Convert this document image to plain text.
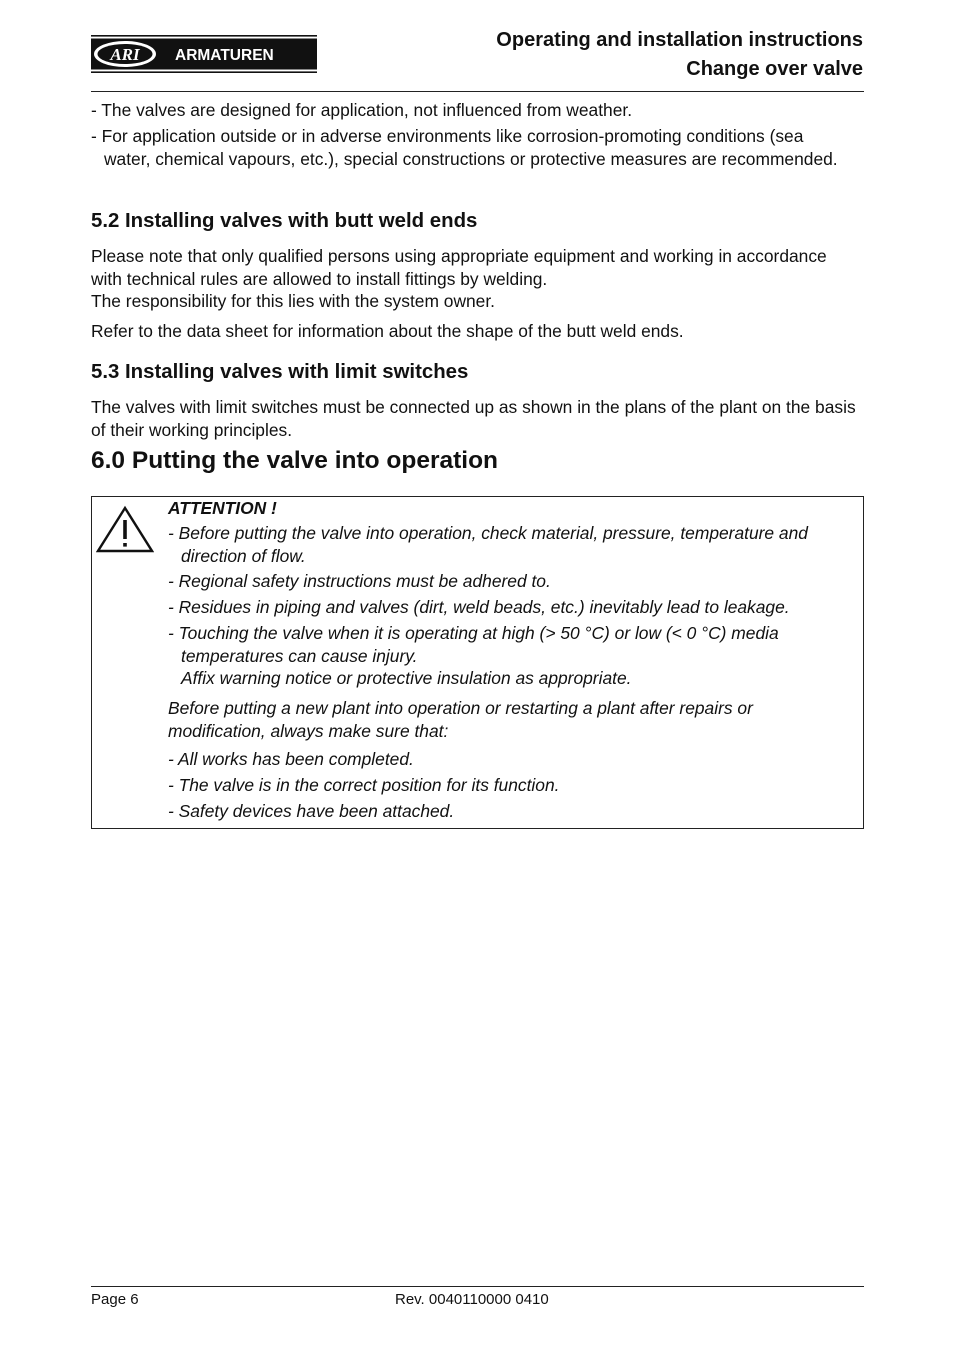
ARI ARMATUREN
Operating and installation instructions
Change over valve
- The valves are designed for application, not influenced from weather.
- For application outside or in adverse environments like corrosion-promoting conditions (sea water, chemical vapours, etc.), special constructions or protective measures are recommended.
5.2 Installing valves with butt weld ends
Please note that only qualified persons using appropriate equipment and working in accordance with technical rules are allowed to install fittings by welding.
The responsibility for this lies with the system owner.
Refer to the data sheet for information about the shape of the butt weld ends.
5.3 Installing valves with limit switches
The valves with limit switches must be connected up as shown in the plans of the plant on the basis of their working principles.
6.0 Putting the valve into operation
ATTENTION !
- Before putting the valve into operation, check material, pressure, temperature and direction of flow.
- Regional safety instructions must be adhered to.
- Residues in piping and valves (dirt, weld beads, etc.) inevitably lead to leakage.
- Touching the valve when it is operating at high (> 50 °C) or low (< 0 °C) media temperatures can cause injury.
Affix warning notice or protective insulation as appropriate.
Before putting a new plant into operation or restarting a plant after repairs or modification, always make sure that:
- All works has been completed.
- The valve is in the correct position for its function.
- Safety devices have been attached.
Page 6	Rev. 0040110000 0410
